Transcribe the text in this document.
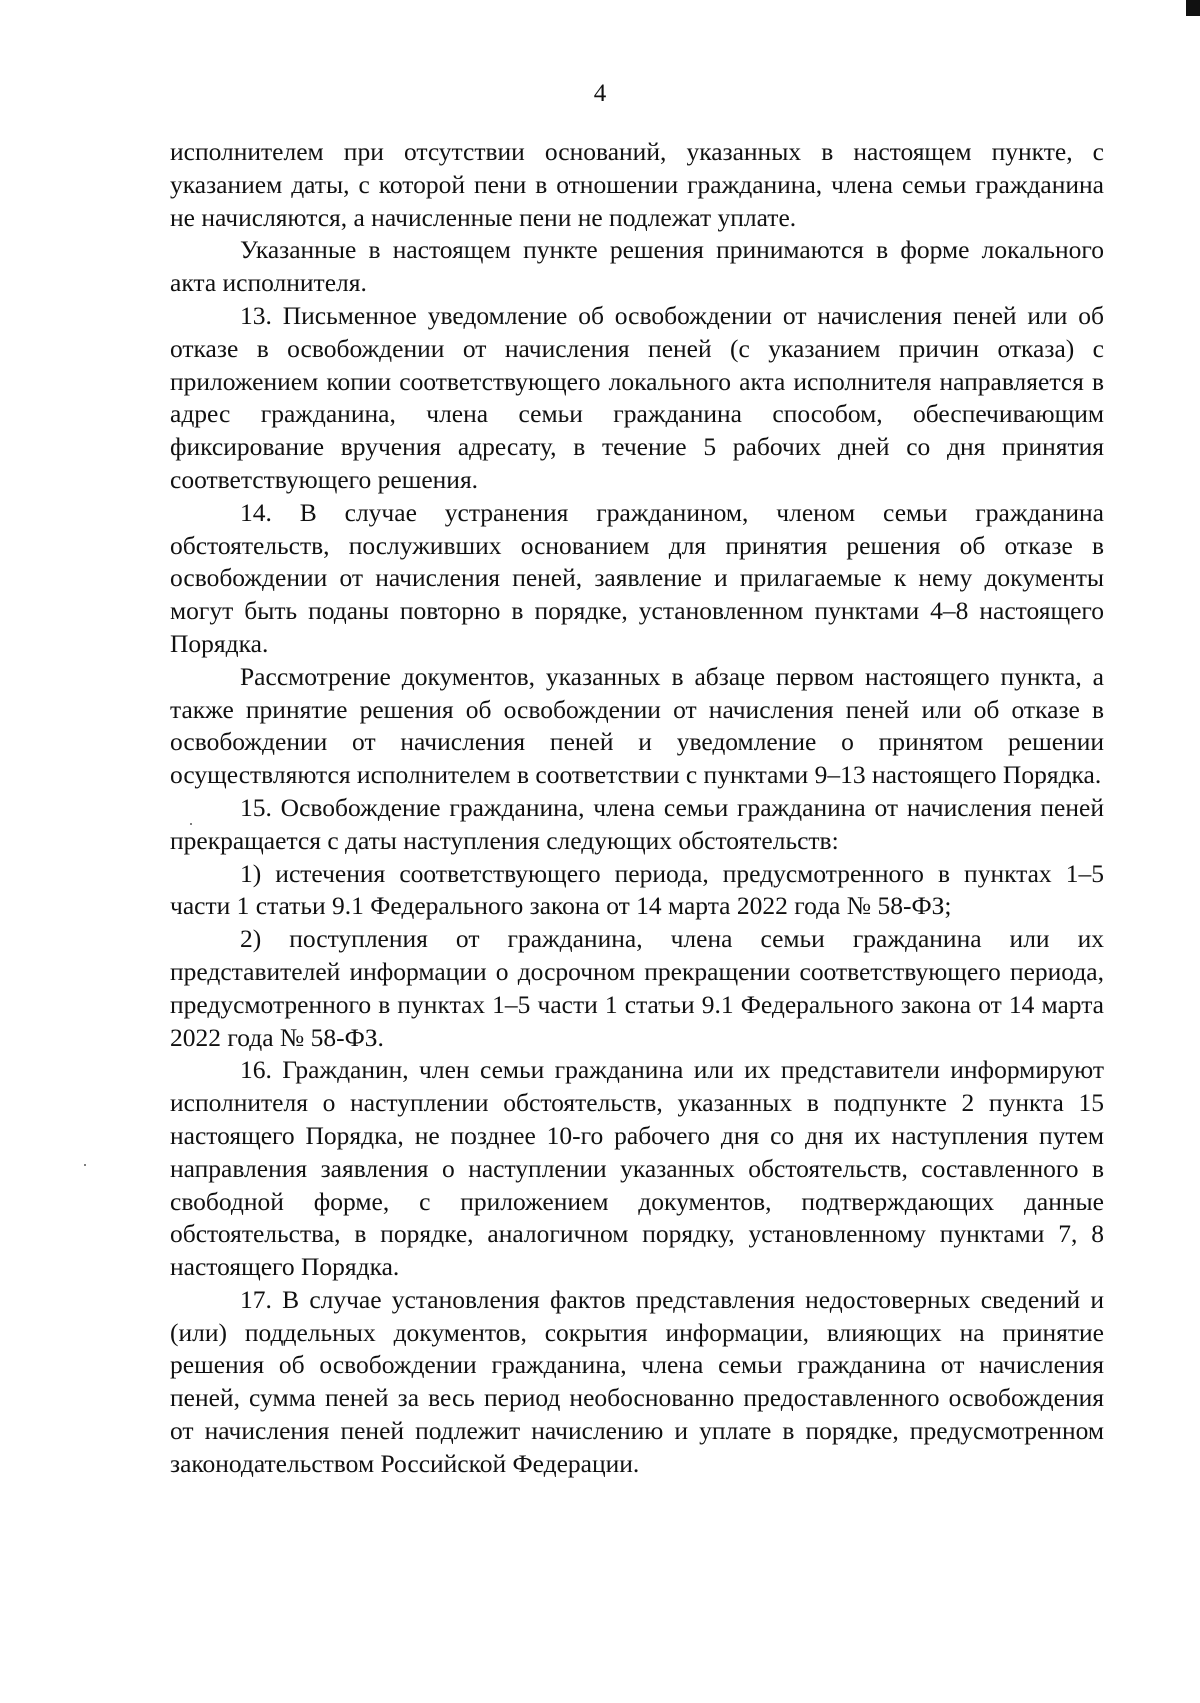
4

исполнителем при отсутствии оснований, указанных в настоящем пункте, с указанием даты, с которой пени в отношении гражданина, члена семьи гражданина не начисляются, а начисленные пени не подлежат уплате.

Указанные в настоящем пункте решения принимаются в форме локального акта исполнителя.

13. Письменное уведомление об освобождении от начисления пеней или об отказе в освобождении от начисления пеней (с указанием причин отказа) с приложением копии соответствующего локального акта исполнителя направляется в адрес гражданина, члена семьи гражданина способом, обеспечивающим фиксирование вручения адресату, в течение 5 рабочих дней со дня принятия соответствующего решения.

14. В случае устранения гражданином, членом семьи гражданина обстоятельств, послуживших основанием для принятия решения об отказе в освобождении от начисления пеней, заявление и прилагаемые к нему документы могут быть поданы повторно в порядке, установленном пунктами 4–8 настоящего Порядка.

Рассмотрение документов, указанных в абзаце первом настоящего пункта, а также принятие решения об освобождении от начисления пеней или об отказе в освобождении от начисления пеней и уведомление о принятом решении осуществляются исполнителем в соответствии с пунктами 9–13 настоящего Порядка.

15. Освобождение гражданина, члена семьи гражданина от начисления пеней прекращается с даты наступления следующих обстоятельств:

1) истечения соответствующего периода, предусмотренного в пунктах 1–5 части 1 статьи 9.1 Федерального закона от 14 марта 2022 года № 58-ФЗ;

2) поступления от гражданина, члена семьи гражданина или их представителей информации о досрочном прекращении соответствующего периода, предусмотренного в пунктах 1–5 части 1 статьи 9.1 Федерального закона от 14 марта 2022 года № 58-ФЗ.

16. Гражданин, член семьи гражданина или их представители информируют исполнителя о наступлении обстоятельств, указанных в подпункте 2 пункта 15 настоящего Порядка, не позднее 10-го рабочего дня со дня их наступления путем направления заявления о наступлении указанных обстоятельств, составленного в свободной форме, с приложением документов, подтверждающих данные обстоятельства, в порядке, аналогичном порядку, установленному пунктами 7, 8 настоящего Порядка.

17. В случае установления фактов представления недостоверных сведений и (или) поддельных документов, сокрытия информации, влияющих на принятие решения об освобождении гражданина, члена семьи гражданина от начисления пеней, сумма пеней за весь период необоснованно предоставленного освобождения от начисления пеней подлежит начислению и уплате в порядке, предусмотренном законодательством Российской Федерации.
